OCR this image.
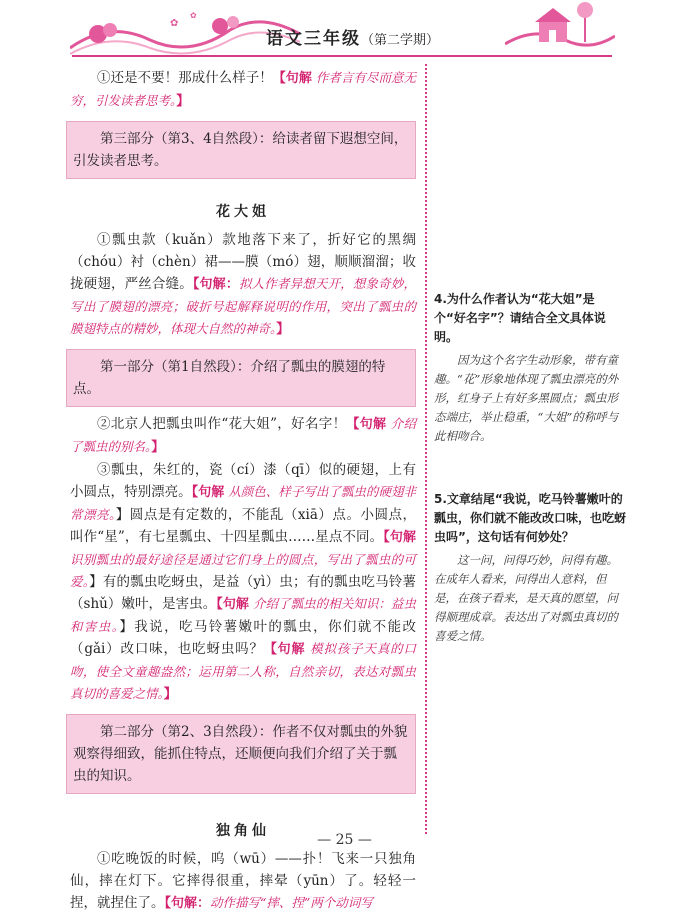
✿
✿
语文三年级（第二学期）

①还是不要！那成什么样子！【句解 作者言有尽而意无穷，引发读者思考。】

第三部分（第3、4自然段）：给读者留下遐想空间，引发读者思考。
花大姐

①瓢虫款（kuǎn）款地落下来了，折好它的黑绸（chóu）衬（chèn）裙——膜（mó）翅，顺顺溜溜；收拢硬翅，严丝合缝。【句解：拟人作者异想天开，想象奇妙，写出了膜翅的漂亮；破折号起解释说明的作用，突出了瓢虫的膜翅特点的精妙，体现大自然的神奇。】

第一部分（第1自然段）：介绍了瓢虫的膜翅的特点。

②北京人把瓢虫叫作“花大姐”，好名字！【句解 介绍了瓢虫的别名。】

③瓢虫，朱红的，瓷（cí）漆（qī）似的硬翅，上有小圆点，特别漂亮。【句解 从颜色、样子写出了瓢虫的硬翅非常漂亮。】圆点是有定数的，不能乱（xiā）点。小圆点，叫作“星”，有七星瓢虫、十四星瓢虫……星点不同。【句解 识别瓢虫的最好途径是通过它们身上的圆点，写出了瓢虫的可爱。】有的瓢虫吃蚜虫，是益（yì）虫；有的瓢虫吃马铃薯（shǔ）嫩叶，是害虫。【句解 介绍了瓢虫的相关知识：益虫和害虫。】我说，吃马铃薯嫩叶的瓢虫，你们就不能改（gǎi）改口味，也吃蚜虫吗？【句解 模拟孩子天真的口吻，使全文童趣盎然；运用第二人称，自然亲切，表达对瓢虫真切的喜爱之情。】

第二部分（第2、3自然段）：作者不仅对瓢虫的外貌观察得细致，能抓住特点，还顺便向我们介绍了关于瓢虫的知识。
独角仙

①吃晚饭的时候，呜（wū）——扑！飞来一只独角仙，摔在灯下。它摔得很重，摔晕（yūn）了。轻轻一捏，就捏住了。【句解：动作描写“摔、捏”两个动词写

4.为什么作者认为“花大姐”是个“好名字”？请结合全文具体说明。
因为这个名字生动形象，带有童趣。“花”形象地体现了瓢虫漂亮的外形，红身子上有好多黑圆点；瓢虫形态端庄，举止稳重，“大姐”的称呼与此相吻合。
5.文章结尾“我说，吃马铃薯嫩叶的瓢虫，你们就不能改改口味，也吃蚜虫吗”，这句话有何妙处？
这一问，问得巧妙，问得有趣。在成年人看来，问得出人意料，但是，在孩子看来，是天真的愿望，问得顺理成章。表达出了对瓢虫真切的喜爱之情。
— 25 —
